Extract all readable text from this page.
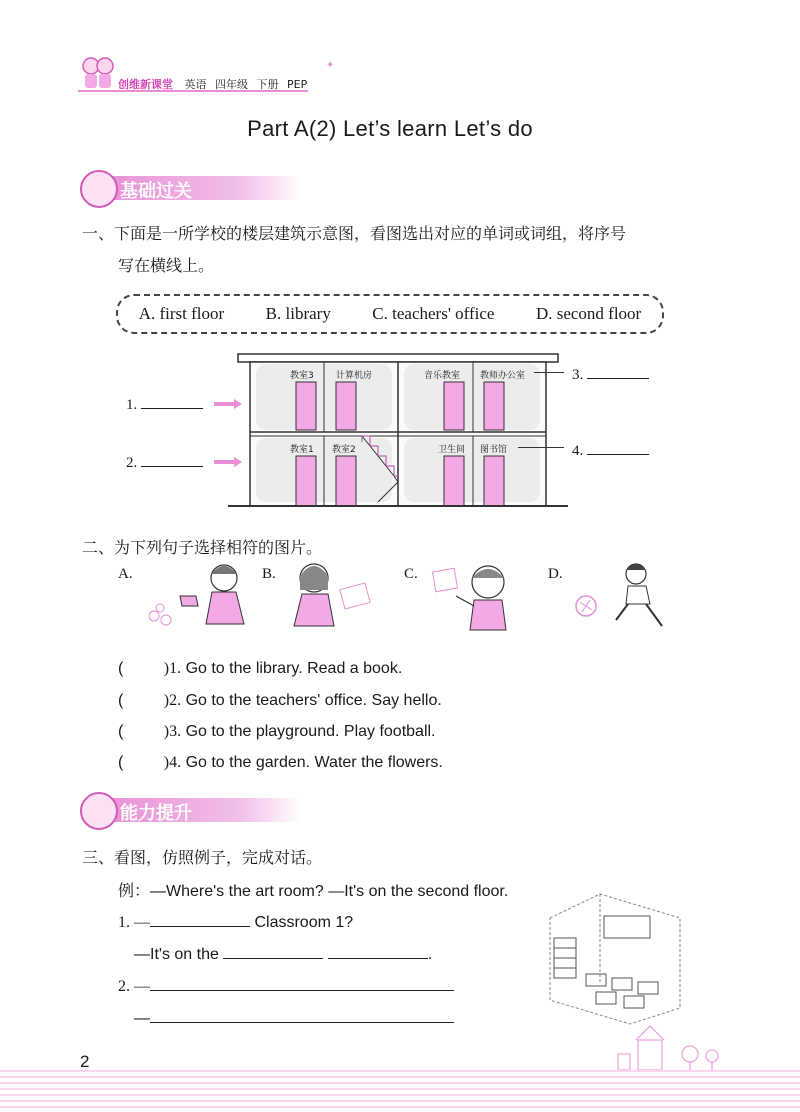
创维新课堂 英语 四年级 下册 PEP
✦
Part A(2) Let’s learn Let’s do
基础过关
一、下面是一所学校的楼层建筑示意图，看图选出对应的单词或词组，将序号
写在横线上。
A. first floor B. library C. teachers' office D. second floor
教室3 计算机房	音乐教室 教师办公室
教室1 教室2	卫生间 图书馆
1.
2.
3.
4.
二、为下列句子选择相符的图片。
A.	B.	C.	D.
(	)1. Go to the library. Read a book.
(	)2. Go to the teachers' office. Say hello.
(	)3. Go to the playground. Play football.
(	)4. Go to the garden. Water the flowers.
能力提升
三、看图，仿照例子，完成对话。
例：—Where's the art room? —It's on the second floor.
1. —	Classroom 1?
—It's on the	.
2. —
—
2
